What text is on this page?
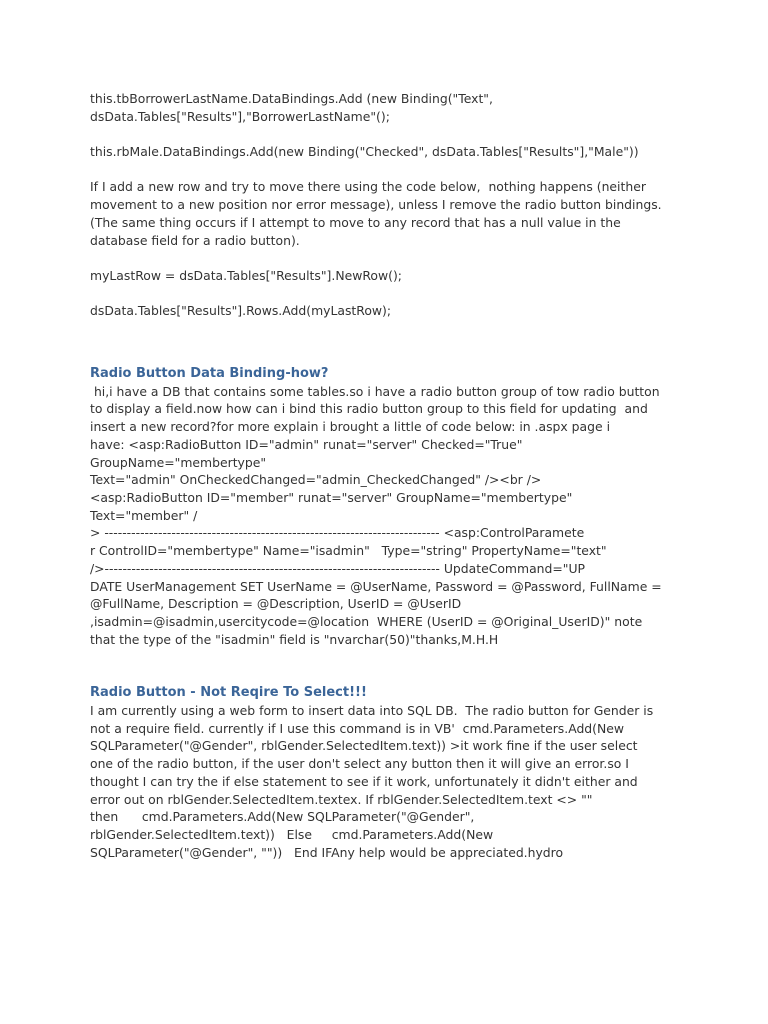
this.tbBorrowerLastName.DataBindings.Add (new Binding("Text",

dsData.Tables["Results"],"BorrowerLastName"();

this.rbMale.DataBindings.Add(new Binding("Checked", dsData.Tables["Results"],"Male"))

If I add a new row and try to move there using the code below,  nothing happens (neither

movement to a new position nor error message), unless I remove the radio button bindings.

(The same thing occurs if I attempt to move to any record that has a null value in the

database field for a radio button).

myLastRow = dsData.Tables["Results"].NewRow();

dsData.Tables["Results"].Rows.Add(myLastRow);

Radio Button Data Binding-how?

hi,i have a DB that contains some tables.so i have a radio button group of tow radio button

to display a field.now how can i bind this radio button group to this field for updating  and

insert a new record?for more explain i brought a little of code below: in .aspx page i

have: <asp:RadioButton ID="admin" runat="server" Checked="True"

GroupName="membertype"

Text="admin" OnCheckedChanged="admin_CheckedChanged" /><br />

<asp:RadioButton ID="member" runat="server" GroupName="membertype"

Text="member" /

> --------------------------------------------------------------------------- <asp:ControlParamete

r ControlID="membertype" Name="isadmin"   Type="string" PropertyName="text"

/>--------------------------------------------------------------------------- UpdateCommand="UP

DATE UserManagement SET UserName = @UserName, Password = @Password, FullName =

@FullName, Description = @Description, UserID = @UserID

,isadmin=@isadmin,usercitycode=@location  WHERE (UserID = @Original_UserID)" note

that the type of the "isadmin" field is "nvarchar(50)"thanks,M.H.H

Radio Button - Not Reqire To Select!!!

I am currently using a web form to insert data into SQL DB.  The radio button for Gender is

not a require field. currently if I use this command is in VB'  cmd.Parameters.Add(New

SQLParameter("@Gender", rblGender.SelectedItem.text)) >it work fine if the user select

one of the radio button, if the user don't select any button then it will give an error.so I

thought I can try the if else statement to see if it work, unfortunately it didn't either and

error out on rblGender.SelectedItem.textex. If rblGender.SelectedItem.text <> ""

then      cmd.Parameters.Add(New SQLParameter("@Gender",

rblGender.SelectedItem.text))   Else     cmd.Parameters.Add(New

SQLParameter("@Gender", ""))   End IFAny help would be appreciated.hydro
